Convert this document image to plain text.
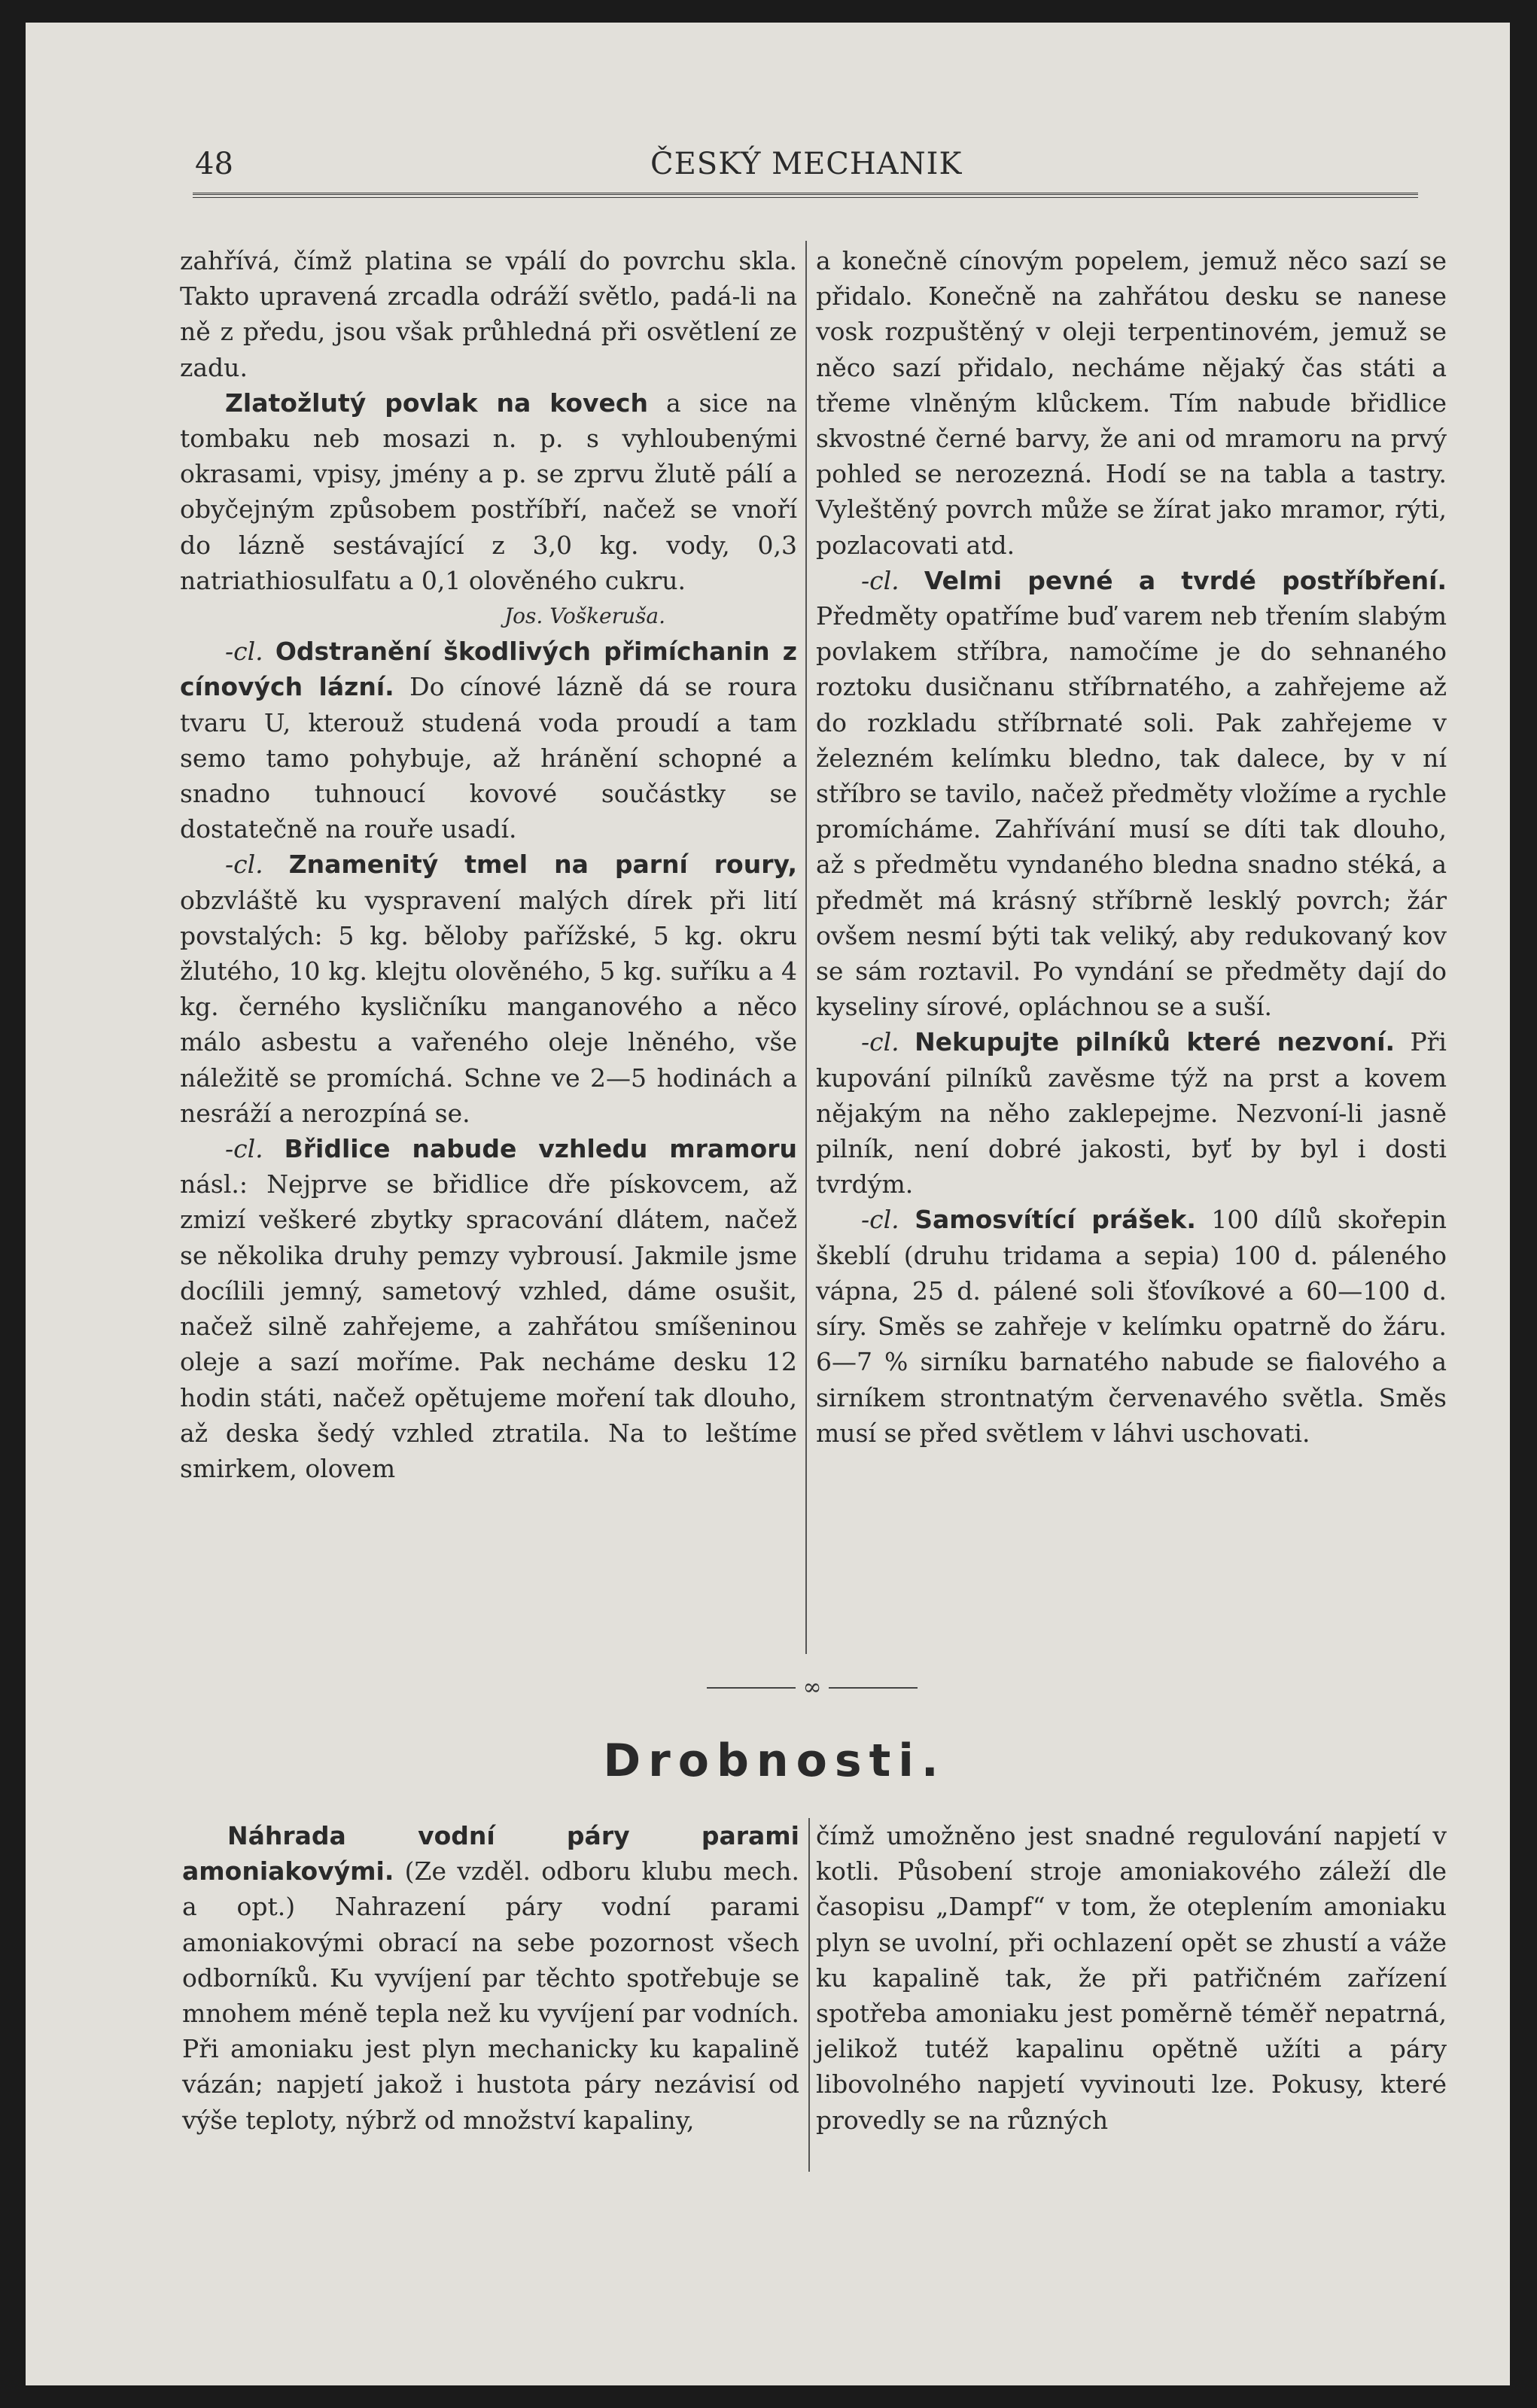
48	ČESKÝ MECHANIK

zahřívá, čímž platina se vpálí do povrchu skla. Takto upravená zrcadla odráží světlo, padá-li na ně z předu, jsou však průhledná při osvětlení ze zadu.

Zlatožlutý povlak na kovech a sice na tombaku neb mosazi n. p. s vyhloubenými okrasami, vpisy, jmény a p. se zprvu žlutě pálí a obyčejným způsobem postříbří, načež se vnoří do lázně sestávající z 3,0 kg. vody, 0,3 natriathiosulfatu a 0,1 olověného cukru.

Jos. Voškeruša.

-cl. Odstranění škodlivých přimíchanin z cínových lázní. Do cínové lázně dá se roura tvaru U, kterouž studená voda proudí a tam semo tamo pohybuje, až hránění schopné a snadno tuhnoucí kovové součástky se dostatečně na rouře usadí.

-cl. Znamenitý tmel na parní roury, obzvláště ku vyspravení malých dírek při lití povstalých: 5 kg. běloby pařížské, 5 kg. okru žlutého, 10 kg. klejtu olověného, 5 kg. suříku a 4 kg. černého kysličníku manganového a něco málo asbestu a vařeného oleje lněného, vše náležitě se promíchá. Schne ve 2—5 hodinách a nesráží a nerozpíná se.

-cl. Břidlice nabude vzhledu mramoru násl.: Nejprve se břidlice dře pískovcem, až zmizí veškeré zbytky spracování dlátem, načež se několika druhy pemzy vybrousí. Jakmile jsme docílili jemný, sametový vzhled, dáme osušit, načež silně zahřejeme, a zahřátou smíšeninou oleje a sazí moříme. Pak necháme desku 12 hodin státi, načež opětujeme moření tak dlouho, až deska šedý vzhled ztratila. Na to leštíme smirkem, olovem

a konečně cínovým popelem, jemuž něco sazí se přidalo. Konečně na zahřátou desku se nanese vosk rozpuštěný v oleji terpentinovém, jemuž se něco sazí přidalo, necháme nějaký čas státi a třeme vlněným klůckem. Tím nabude břidlice skvostné černé barvy, že ani od mramoru na prvý pohled se nerozezná. Hodí se na tabla a tastry. Vyleštěný povrch může se žírat jako mramor, rýti, pozlacovati atd.

-cl. Velmi pevné a tvrdé postříbření. Předměty opatříme buď varem neb třením slabým povlakem stříbra, namočíme je do sehnaného roztoku dusičnanu stříbrnatého, a zahřejeme až do rozkladu stříbrnaté soli. Pak zahřejeme v železném kelímku bledno, tak dalece, by v ní stříbro se tavilo, načež předměty vložíme a rychle promícháme. Zahřívání musí se díti tak dlouho, až s předmětu vyndaného bledna snadno stéká, a předmět má krásný stříbrně lesklý povrch; žár ovšem nesmí býti tak veliký, aby redukovaný kov se sám roztavil. Po vyndání se předměty dají do kyseliny sírové, opláchnou se a suší.

-cl. Nekupujte pilníků které nezvoní. Při kupování pilníků zavěsme týž na prst a kovem nějakým na něho zaklepejme. Nezvoní-li jasně pilník, není dobré jakosti, byť by byl i dosti tvrdým.

-cl. Samosvítící prášek. 100 dílů skořepin škeblí (druhu tridama a sepia) 100 d. páleného vápna, 25 d. pálené soli šťovíkové a 60—100 d. síry. Směs se zahřeje v kelímku opatrně do žáru. 6—7 % sirníku barnatého nabude se fialového a sirníkem strontnatým červenavého světla. Směs musí se před světlem v láhvi uschovati.

∞
Drobnosti.

Náhrada vodní páry parami amoniakovými. (Ze vzděl. odboru klubu mech. a opt.) Nahrazení páry vodní parami amoniakovými obrací na sebe pozornost všech odborníků. Ku vyvíjení par těchto spotřebuje se mnohem méně tepla než ku vyvíjení par vodních. Při amoniaku jest plyn mechanicky ku kapalině vázán; napjetí jakož i hustota páry nezávisí od výše teploty, nýbrž od množství kapaliny,

čímž umožněno jest snadné regulování napjetí v kotli. Působení stroje amoniakového záleží dle časopisu „Dampf“ v tom, že oteplením amoniaku plyn se uvolní, při ochlazení opět se zhustí a váže ku kapalině tak, že při patřičném zařízení spotřeba amoniaku jest poměrně téměř nepatrná, jelikož tutéž kapalinu opětně užíti a páry libovolného napjetí vyvinouti lze. Pokusy, které provedly se na různých
